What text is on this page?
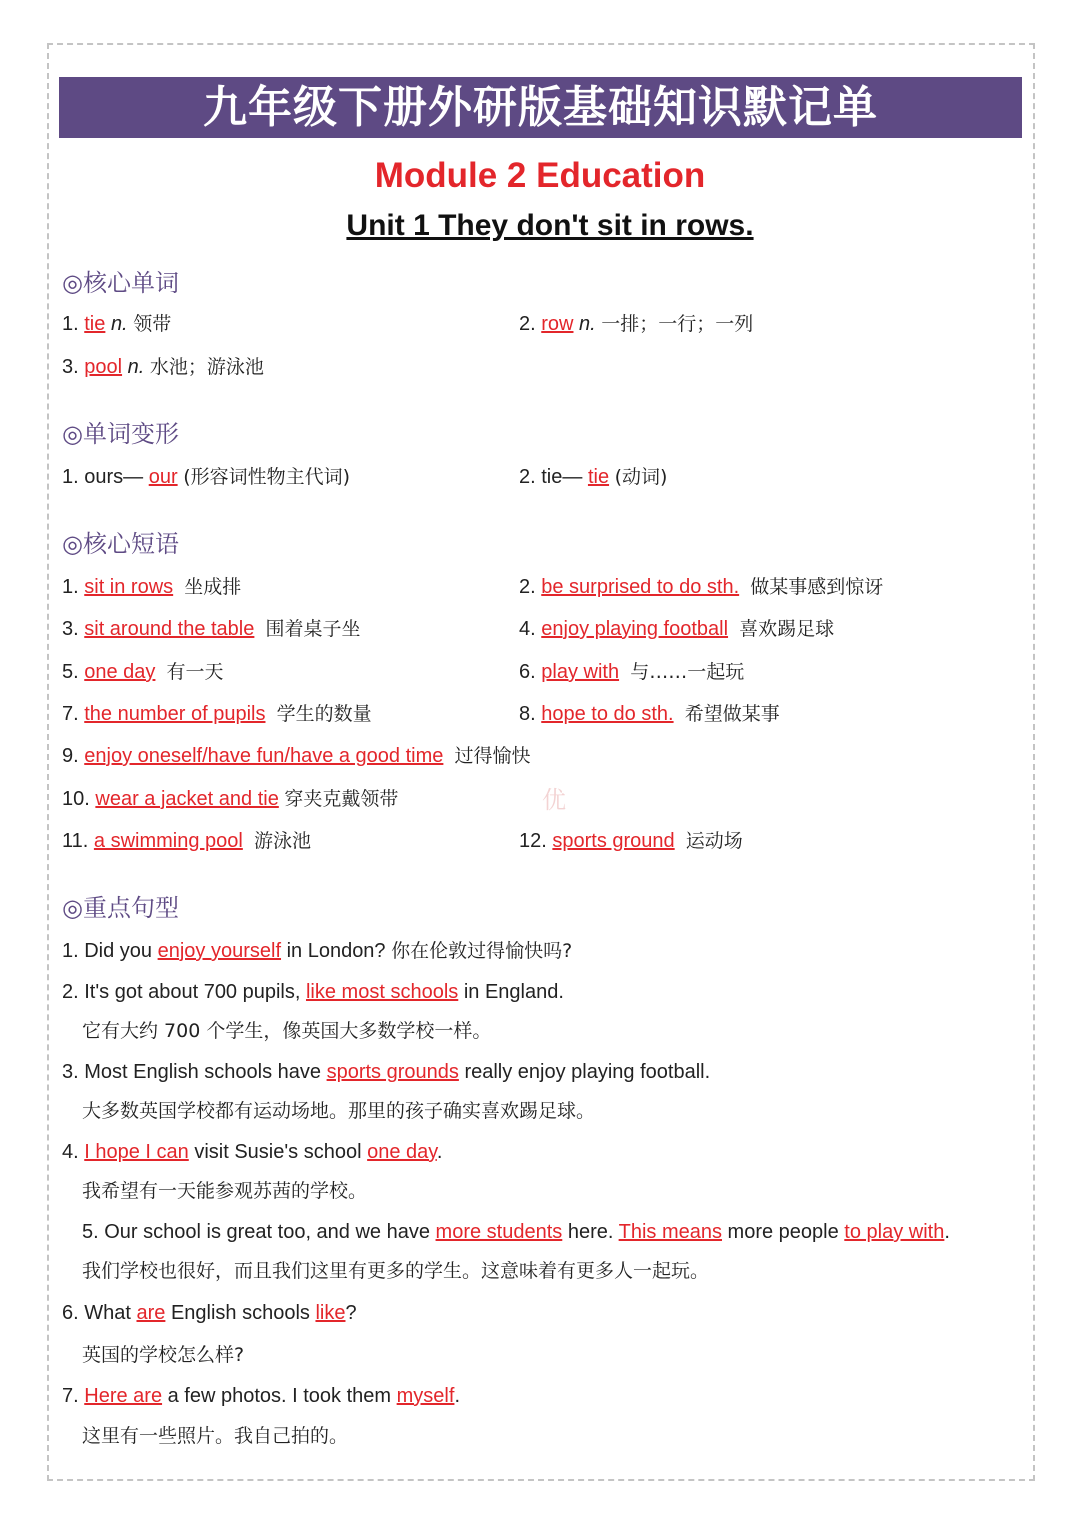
九年级下册外研版基础知识默记单
Module 2 Education
Unit 1 They don't sit in rows.
优
◎核心单词
1. tie n. 领带	2. row n. 一排；一行；一列
3. pool n. 水池；游泳池
◎单词变形
1. ours— our (形容词性物主代词)	2. tie— tie (动词)
◎核心短语
1. sit in rows 坐成排	2. be surprised to do sth. 做某事感到惊讶
3. sit around the table 围着桌子坐	4. enjoy playing football 喜欢踢足球
5. one day 有一天	6. play with 与……一起玩
7. the number of pupils 学生的数量	8. hope to do sth. 希望做某事
9. enjoy oneself/have fun/have a good time 过得愉快
10. wear a jacket and tie 穿夹克戴领带
11. a swimming pool 游泳池	12. sports ground 运动场
◎重点句型
1. Did you enjoy yourself in London? 你在伦敦过得愉快吗?
2. It's got about 700 pupils, like most schools in England.
它有大约 700 个学生，像英国大多数学校一样。
3. Most English schools have sports grounds really enjoy playing football.
大多数英国学校都有运动场地。那里的孩子确实喜欢踢足球。
4. I hope I can visit Susie's school one day.
我希望有一天能参观苏茜的学校。
5. Our school is great too, and we have more students here. This means more people to play with.
我们学校也很好，而且我们这里有更多的学生。这意味着有更多人一起玩。
6. What are English schools like?
英国的学校怎么样?
7. Here are a few photos. I took them myself.
这里有一些照片。我自己拍的。
